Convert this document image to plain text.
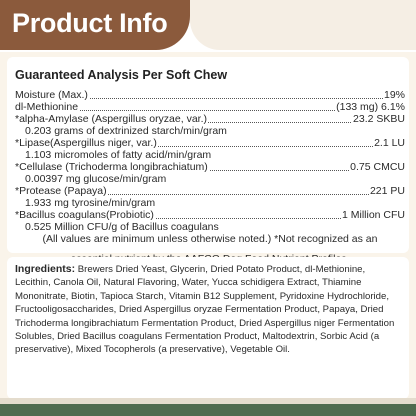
Product Info
Guaranteed Analysis Per Soft Chew
Moisture (Max.)	19%
dl-Methionine	(133 mg) 6.1%
*alpha-Amylase (Aspergillus oryzae, var.)	23.2 SKBU
0.203 grams of dextrinized starch/min/gram
*Lipase(Aspergillus niger, var.)	2.1 LU
1.103 micromoles of fatty acid/min/gram
*Cellulase (Trichoderma longibrachiatum)	0.75 CMCU
0.00397 mg glucose/min/gram
*Protease (Papaya)	221 PU
1.933 mg tyrosine/min/gram
*Bacillus coagulans(Probiotic)	1 Million CFU
0.525 Million CFU/g of Bacillus coagulans
(All values are minimum unless otherwise noted.) *Not recognized as an
Ingredients: Brewers Dried Yeast, Glycerin, Dried Potato Product, dl-Methionine, Lecithin, Canola Oil, Natural Flavoring, Water, Yucca schidigera Extract, Thiamine Mononitrate, Biotin, Tapioca Starch, Vitamin B12 Supplement, Pyridoxine Hydrochloride, Fructooligosaccharides, Dried Aspergillus oryzae Fermentation Product, Papaya, Dried Trichoderma longibrachiatum Fermentation Product, Dried Aspergillus niger Fermentation Solubles, Dried Bacillus coagulans Fermentation Product, Maltodextrin, Sorbic Acid (a preservative), Mixed Tocopherols (a preservative), Vegetable Oil.
